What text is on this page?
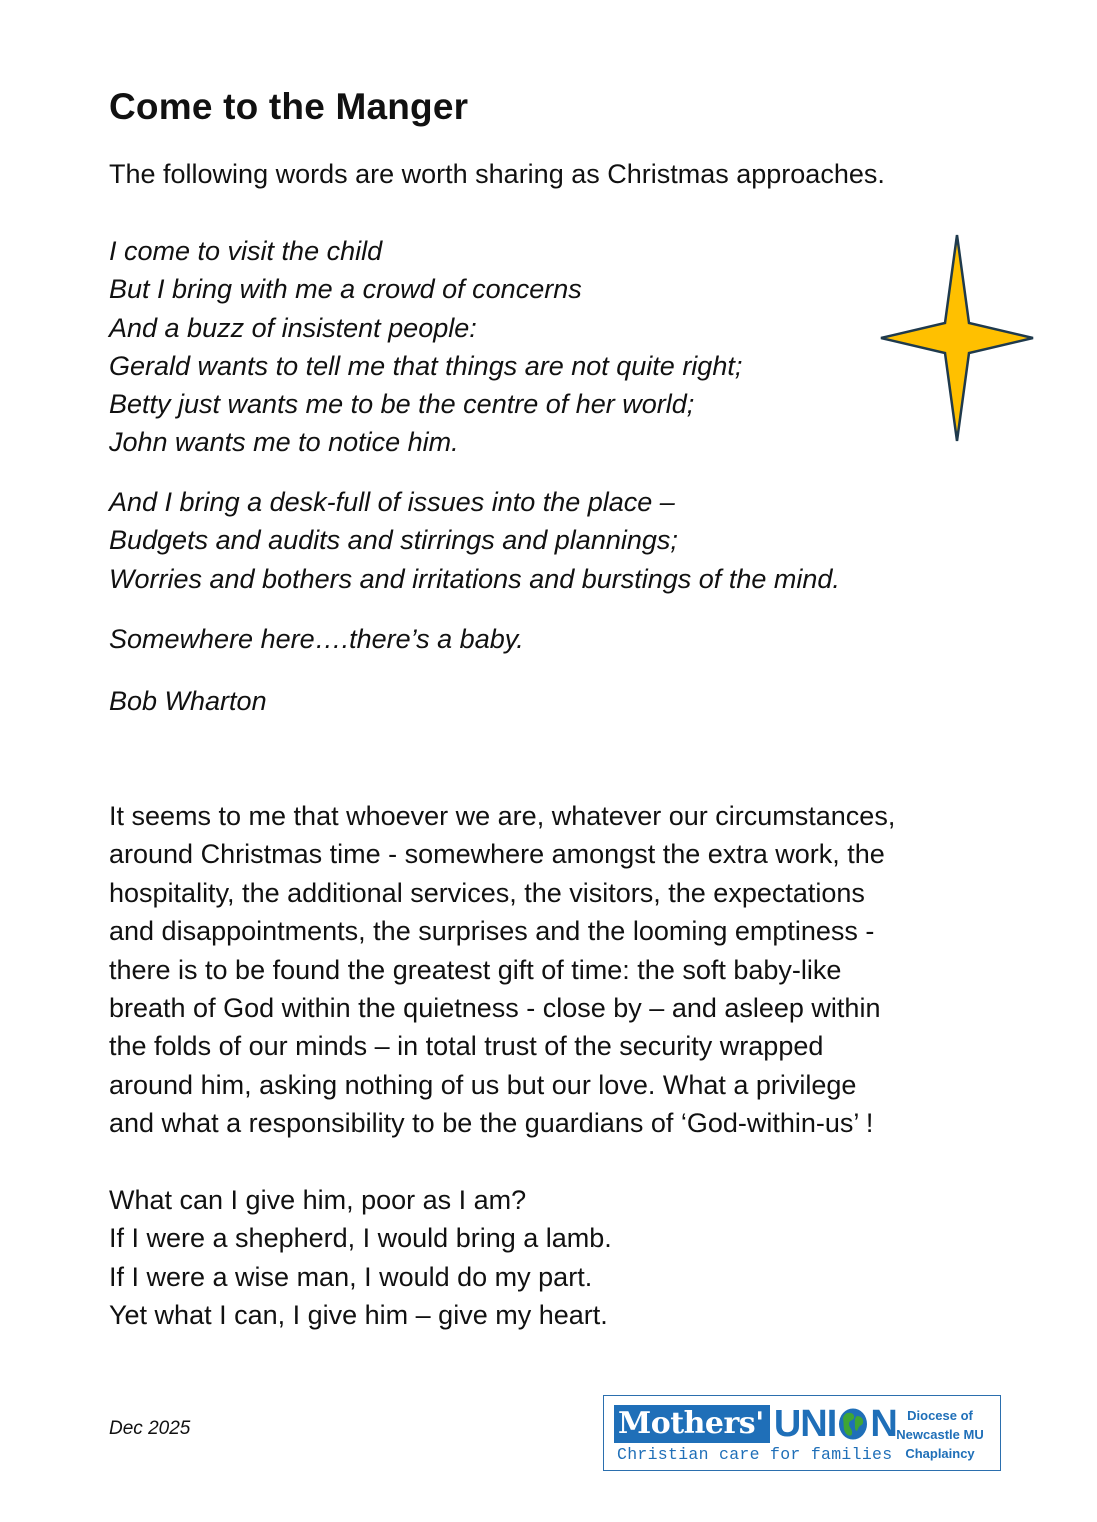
Come to the Manger

The following words are worth sharing as Christmas approaches.

I come to visit the child
But I bring with me a crowd of concerns
And a buzz of insistent people:
Gerald wants to tell me that things are not quite right;
Betty just wants me to be the centre of her world;
John wants me to notice him.
And I bring a desk-full of issues into the place –
Budgets and audits and stirrings and plannings;
Worries and bothers and irritations and burstings of the mind.
Somewhere here….there’s a baby.
Bob Wharton
It seems to me that whoever we are, whatever our circumstances,
around Christmas time - somewhere amongst the extra work, the
hospitality, the additional services, the visitors, the expectations
and disappointments, the surprises and the looming emptiness -
there is to be found the greatest gift of time: the soft baby-like
breath of God within the quietness - close by – and asleep within
the folds of our minds – in total trust of the security wrapped
around him, asking nothing of us but our love. What a privilege
and what a responsibility to be the guardians of ‘God-within-us’ !
What can I give him, poor as I am?
If I were a shepherd, I would bring a lamb.
If I were a wise man, I would do my part.
Yet what I can, I give him – give my heart.

Dec 2025	Mothers' UNI N
Christian care for families
Diocese of
Newcastle MU
Chaplaincy
